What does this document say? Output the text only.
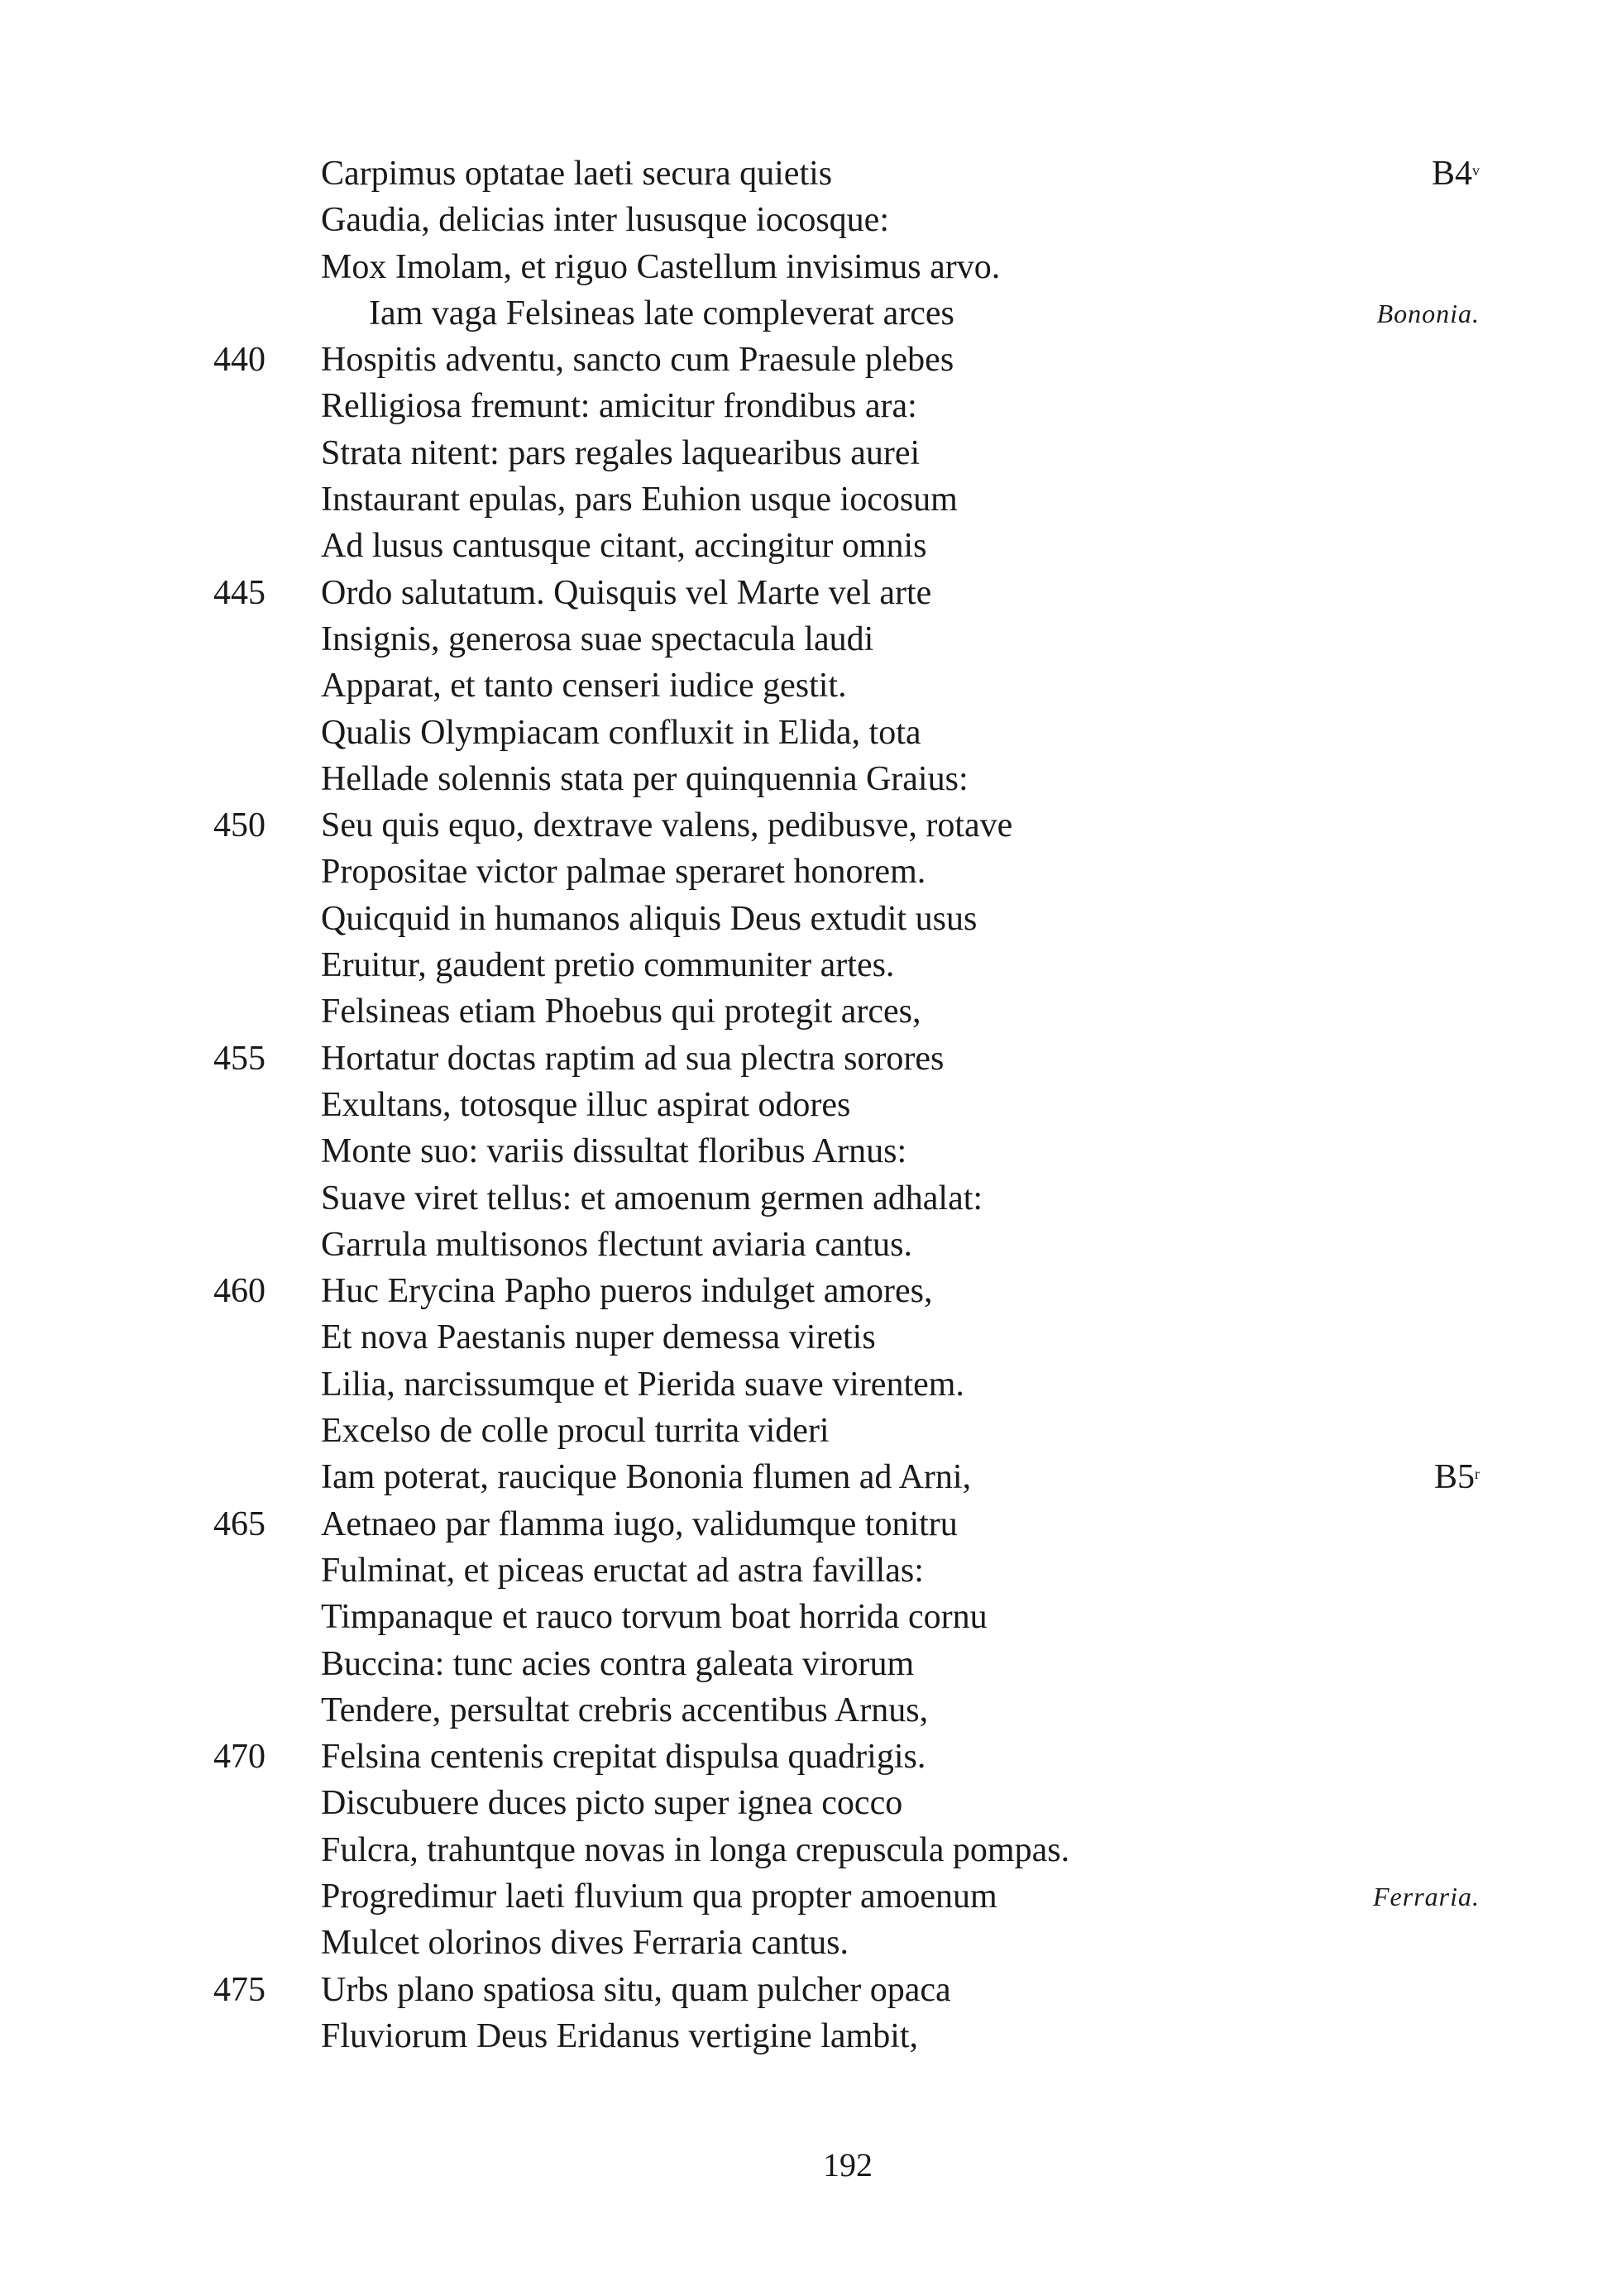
Carpimus optatae laeti secura quietis	B4$^v$
Gaudia, delicias inter lususque iocosque:
Mox Imolam, et riguo Castellum invisimus arvo.
Iam vaga Felsineas late compleverat arces	Bononia.
440 Hospitis adventu, sancto cum Praesule plebes
Relligiosa fremunt: amicitur frondibus ara:
Strata nitent: pars regales laquearibus aurei
Instaurant epulas, pars Euhion usque iocosum
Ad lusus cantusque citant, accingitur omnis
445 Ordo salutatum. Quisquis vel Marte vel arte
Insignis, generosa suae spectacula laudi
Apparat, et tanto censeri iudice gestit.
Qualis Olympiacam confluxit in Elida, tota
Hellade solennis stata per quinquennia Graius:
450 Seu quis equo, dextrave valens, pedibusve, rotave
Propositae victor palmae speraret honorem.
Quicquid in humanos aliquis Deus extudit usus
Eruitur, gaudent pretio communiter artes.
Felsineas etiam Phoebus qui protegit arces,
455 Hortatur doctas raptim ad sua plectra sorores
Exultans, totosque illuc aspirat odores
Monte suo: variis dissultat floribus Arnus:
Suave viret tellus: et amoenum germen adhalat:
Garrula multisonos flectunt aviaria cantus.
460 Huc Erycina Papho pueros indulget amores,
Et nova Paestanis nuper demessa viretis
Lilia, narcissumque et Pierida suave virentem.
Excelso de colle procul turrita videri
Iam poterat, raucique Bononia flumen ad Arni,	B5$^r$
465 Aetnaeo par flamma iugo, validumque tonitru
Fulminat, et piceas eructat ad astra favillas:
Timpanaque et rauco torvum boat horrida cornu
Buccina: tunc acies contra galeata virorum
Tendere, persultat crebris accentibus Arnus,
470 Felsina centenis crepitat dispulsa quadrigis.
Discubuere duces picto super ignea cocco
Fulcra, trahuntque novas in longa crepuscula pompas.
Progredimur laeti fluvium qua propter amoenum	Ferraria.
Mulcet olorinos dives Ferraria cantus.
475 Urbs plano spatiosa situ, quam pulcher opaca
Fluviorum Deus Eridanus vertigine lambit,
192
